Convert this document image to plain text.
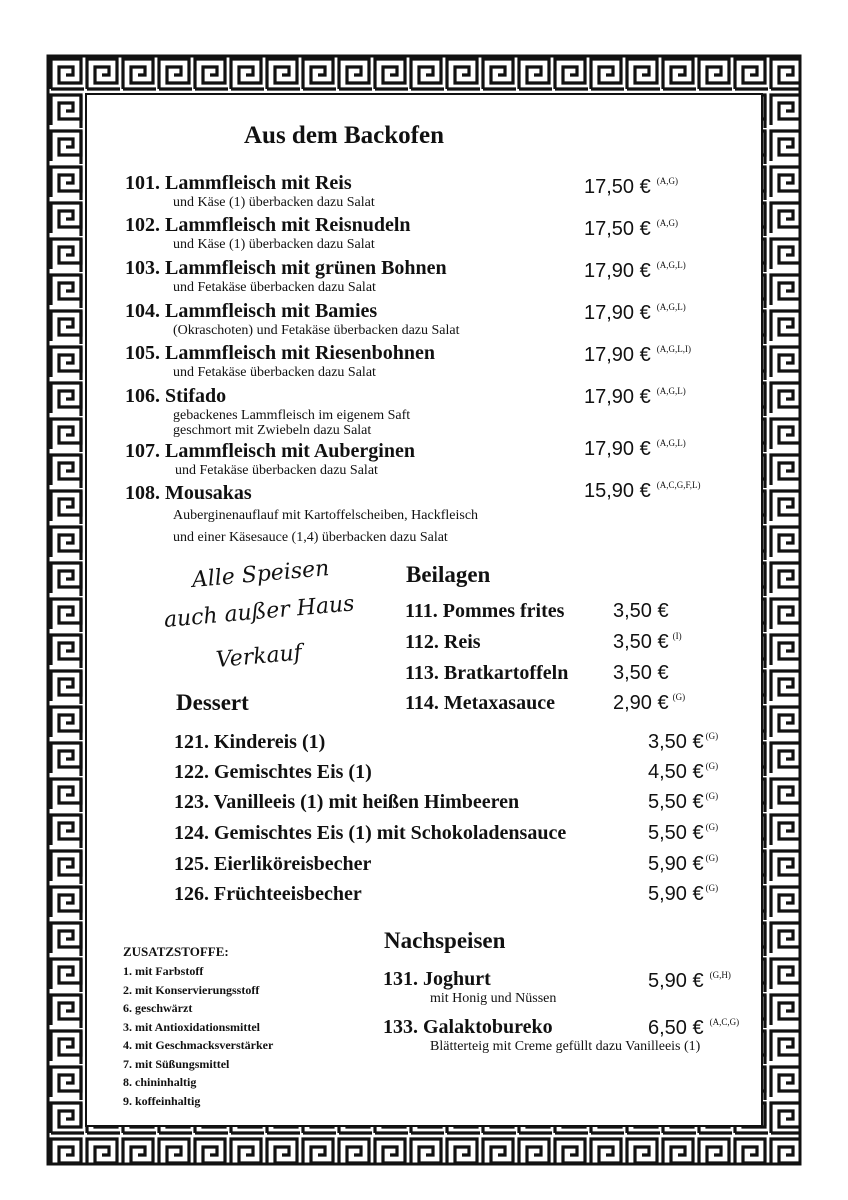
Aus dem Backofen
101. Lammfleisch mit Reis
und Käse (1) überbacken dazu Salat
17,50 € $^{(A,G)}$
102. Lammfleisch mit Reisnudeln
und Käse (1) überbacken dazu Salat
17,50 € $^{(A,G)}$
103. Lammfleisch mit grünen Bohnen
und Fetakäse überbacken dazu Salat
17,90 € $^{(A,G,L)}$
104. Lammfleisch mit Bamies
(Okraschoten) und Fetakäse überbacken dazu Salat
17,90 € $^{(A,G,L)}$
105. Lammfleisch mit Riesenbohnen
und Fetakäse überbacken dazu Salat
17,90 € $^{(A,G,L,I)}$
106. Stifado
gebackenes Lammfleisch im eigenem Saft
geschmort mit Zwiebeln dazu Salat
17,90 € $^{(A,G,L)}$
107. Lammfleisch mit Auberginen
und Fetakäse überbacken dazu Salat
17,90 € $^{(A,G,L)}$
108. Mousakas
Auberginenauflauf mit Kartoffelscheiben, Hackfleisch
und einer Käsesauce (1,4) überbacken dazu Salat
15,90 € $^{(A,C,G,F,L)}$
Alle Speisen
auch außer Haus
Verkauf
Beilagen
111. Pommes frites 3,50 €
112. Reis	3,50 € $^{(I)}$
113. Bratkartoffeln 3,50 €
114. Metaxasauce	2,90 € $^{(G)}$
Dessert
121. Kindereis (1)	3,50 € $^{(G)}$
122. Gemischtes Eis (1)	4,50 € $^{(G)}$
123. Vanilleeis (1) mit heißen Himbeeren	5,50 € $^{(G)}$
124. Gemischtes Eis (1) mit Schokoladensauce	5,50 € $^{(G)}$
125. Eierliköreisbecher	5,90 € $^{(G)}$
126. Früchteeisbecher	5,90 € $^{(G)}$
ZUSATZSTOFFE:
1. mit Farbstoff
2. mit Konservierungsstoff
6. geschwärzt
3. mit Antioxidationsmittel
4. mit Geschmacksverstärker
7. mit Süßungsmittel
8. chininhaltig
9. koffeinhaltig
Nachspeisen
131. Joghurt
mit Honig und Nüssen
5,90 € $^{(G,H)}$
133. Galaktobureko
Blätterteig mit Creme gefüllt dazu Vanilleeis (1)
6,50 € $^{(A,C,G)}$
